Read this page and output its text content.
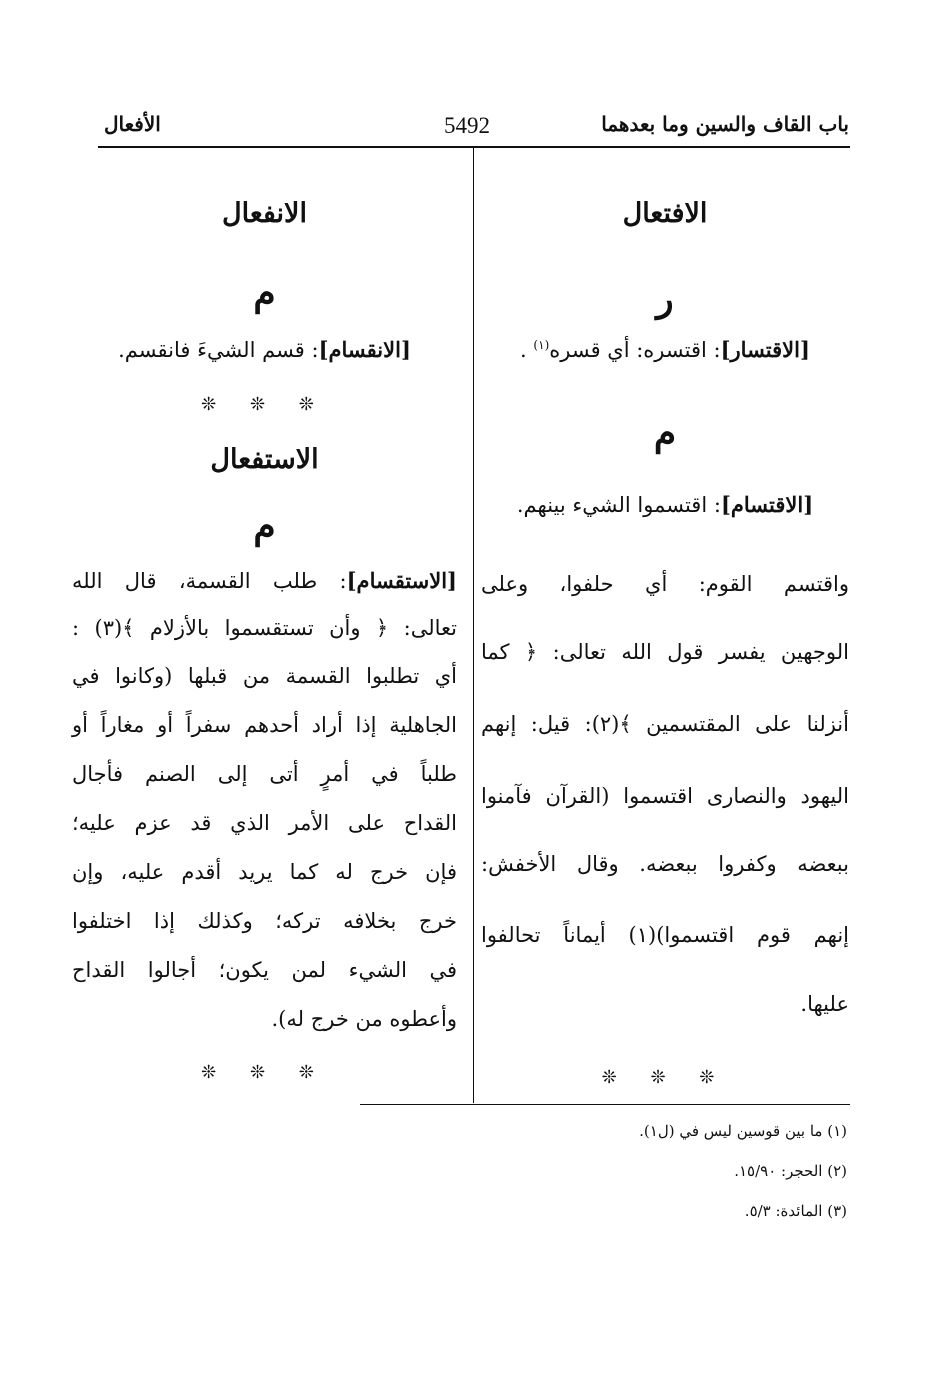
باب القاف والسين وما بعدهما
5492
الأفعال
الافتعال
ر
[الاقتسار]: اقتسره: أي قسره$^{(١)}$ .
م
[الاقتسام]: اقتسموا الشيء بينهم.
واقتسم القوم: أي حلفوا، وعلى
الوجهين يفسر قول الله تعالى: ﴿ كما
أنزلنا على المقتسمين ﴾(٢): قيل: إنهم
اليهود والنصارى اقتسموا (القرآن فآمنوا
ببعضه وكفروا ببعضه. وقال الأخفش:
إنهم قوم اقتسموا)(١) أيماناً تحالفوا
عليها.
❊ ❊ ❊
الانفعال
م
[الانقسام]: قسم الشيءَ فانقسم.
❊ ❊ ❊
الاستفعال
م
[الاستقسام]: طلب القسمة، قال الله
تعالى: ﴿ وأن تستقسموا بالأزلام ﴾(٣) :
أي تطلبوا القسمة من قبلها (وكانوا في
الجاهلية إذا أراد أحدهم سفراً أو مغاراً أو
طلباً في أمرٍ أتى إلى الصنم فأجال
القداح على الأمر الذي قد عزم عليه؛
فإن خرج له كما يريد أقدم عليه، وإن
خرج بخلافه تركه؛ وكذلك إذا اختلفوا
في الشيء لمن يكون؛ أجالوا القداح
وأعطوه من خرج له).
❊ ❊ ❊
(١) ما بين قوسين ليس في (ل١).
(٢) الحجر: ١٥/٩٠.
(٣) المائدة: ٥/٣.
